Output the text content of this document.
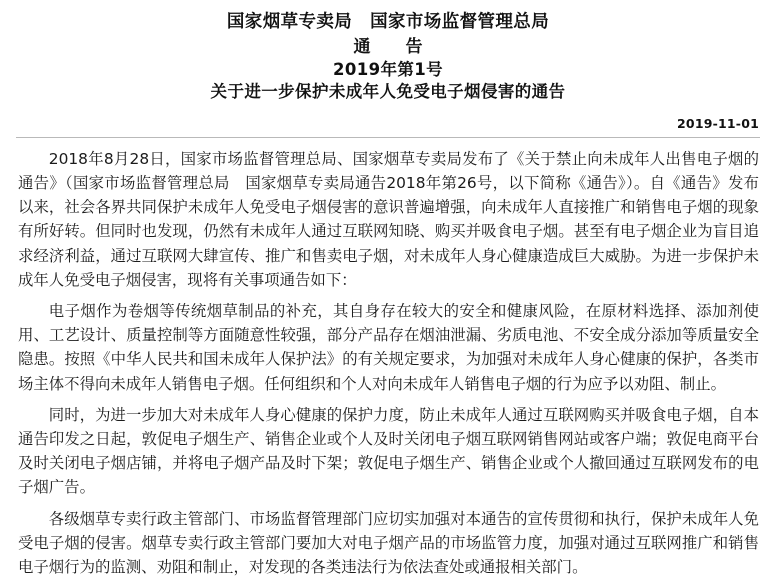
国家烟草专卖局　国家市场监督管理总局
通　告
2019年第1号
关于进一步保护未成年人免受电子烟侵害的通告
2019-11-01

2018年8月28日，国家市场监督管理总局、国家烟草专卖局发布了《关于禁止向未成年人出售电子烟的通告》（国家市场监督管理总局　国家烟草专卖局通告2018年第26号，以下简称《通告》）。自《通告》发布以来，社会各界共同保护未成年人免受电子烟侵害的意识普遍增强，向未成年人直接推广和销售电子烟的现象有所好转。但同时也发现，仍然有未成年人通过互联网知晓、购买并吸食电子烟。甚至有电子烟企业为盲目追求经济利益，通过互联网大肆宣传、推广和售卖电子烟，对未成年人身心健康造成巨大威胁。为进一步保护未成年人免受电子烟侵害，现将有关事项通告如下：

电子烟作为卷烟等传统烟草制品的补充，其自身存在较大的安全和健康风险，在原材料选择、添加剂使用、工艺设计、质量控制等方面随意性较强，部分产品存在烟油泄漏、劣质电池、不安全成分添加等质量安全隐患。按照《中华人民共和国未成年人保护法》的有关规定要求，为加强对未成年人身心健康的保护，各类市场主体不得向未成年人销售电子烟。任何组织和个人对向未成年人销售电子烟的行为应予以劝阻、制止。

同时，为进一步加大对未成年人身心健康的保护力度，防止未成年人通过互联网购买并吸食电子烟，自本通告印发之日起，敦促电子烟生产、销售企业或个人及时关闭电子烟互联网销售网站或客户端；敦促电商平台及时关闭电子烟店铺，并将电子烟产品及时下架；敦促电子烟生产、销售企业或个人撤回通过互联网发布的电子烟广告。

各级烟草专卖行政主管部门、市场监督管理部门应切实加强对本通告的宣传贯彻和执行，保护未成年人免受电子烟的侵害。烟草专卖行政主管部门要加大对电子烟产品的市场监管力度，加强对通过互联网推广和销售电子烟行为的监测、劝阻和制止，对发现的各类违法行为依法查处或通报相关部门。
